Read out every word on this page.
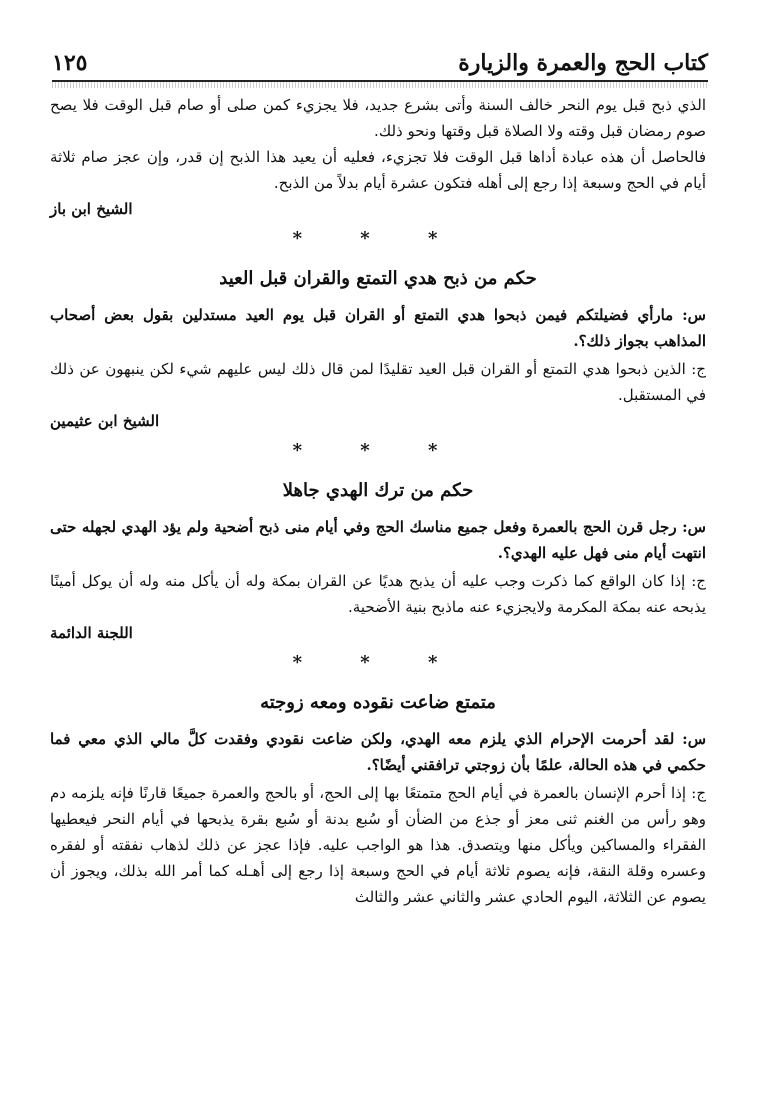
كتاب الحج والعمرة والزيارة
١٢٥

الذي ذبح قبل يوم النحر خالف السنة وأتى بشرع جديد، فلا يجزيء كمن صلى أو صام قبل الوقت فلا يصح صوم رمضان قبل وقته ولا الصلاة قبل وقتها ونحو ذلك.

فالحاصل أن هذه عبادة أداها قبل الوقت فلا تجزيء، فعليه أن يعيد هذا الذبح إن قدر، وإن عجز صام ثلاثة أيام في الحج وسبعة إذا رجع إلى أهله فتكون عشرة أيام بدلاً من الذبح.

الشيخ ابن باز

* * *

حكم من ذبح هدي التمتع والقران قبل العيد

س: مارأي فضيلتكم فيمن ذبحوا هدي التمتع أو القران قبل يوم العيد مستدلين بقول بعض أصحاب المذاهب بجواز ذلك؟.

ج: الذين ذبحوا هدي التمتع أو القران قبل العيد تقليدًا لمن قال ذلك ليس عليهم شيء لكن ينبهون عن ذلك في المستقبل.

الشيخ ابن عثيمين

* * *

حكم من ترك الهدي جاهلا

س: رجل قرن الحج بالعمرة وفعل جميع مناسك الحج وفي أيام منى ذبح أضحية ولم يؤد الهدي لجهله حتى انتهت أيام منى فهل عليه الهدي؟.

ج: إذا كان الواقع كما ذكرت وجب عليه أن يذبح هديًا عن القران بمكة وله أن يأكل منه وله أن يوكل أمينًا يذبحه عنه بمكة المكرمة ولايجزيء عنه ماذبح بنية الأضحية.

اللجنة الدائمة

* * *

متمتع ضاعت نقوده ومعه زوجته

س: لقد أحرمت الإحرام الذي يلزم معه الهدي، ولكن ضاعت نقودي وفقدت كلَّ مالي الذي معي فما حكمي في هذه الحالة، علمًا بأن زوجتي ترافقني أيضًا؟.

ج: إذا أحرم الإنسان بالعمرة في أيام الحج متمتعًا بها إلى الحج، أو بالحج والعمرة جميعًا قارنًا فإنه يلزمه دم وهو رأس من الغنم ثنى معز أو جذع من الضأن أو سُبع بدنة أو سُبع بقرة يذبحها في أيام النحر فيعطيها الفقراء والمساكين ويأكل منها ويتصدق. هذا هو الواجب عليه. فإذا عجز عن ذلك لذهاب نفقته أو لفقره وعسره وقلة النقة، فإنه يصوم ثلاثة أيام في الحج وسبعة إذا رجع إلى أهـله كما أمر الله بذلك، ويجوز أن يصوم عن الثلاثة، اليوم الحادي عشر والثاني عشر والثالث
